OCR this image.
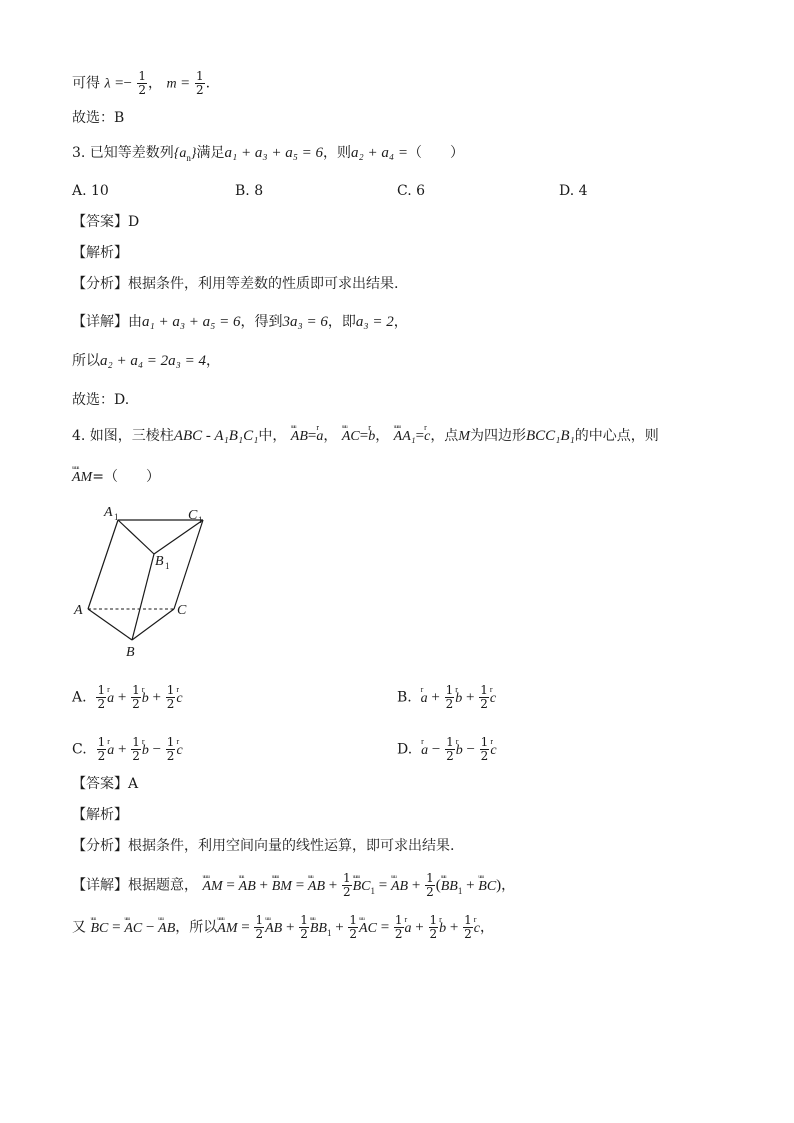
可得 $\lambda =- \frac{1}{2}$ ， $m = \frac{1}{2}$ .
故选：B
3. 已知等差数列$\{a_n\}$满足a₁ + a₃ + a₅ = 6，则a₂ + a₄ =（　　）
A. 10	B. 8	C. 6	D. 4
【答案】D
【解析】
【分析】根据条件，利用等差数的性质即可求出结果.
【详解】由a₁ + a₃ + a₅ = 6，得到3a₃ = 6，即a₃ = 2，
所以a₂ + a₄ = 2a₃ = 4，
故选：D.
4. 如图，三棱柱ABC - A₁B₁C₁中， ᵘᵘᵘ AB=r a， ᵘᵘᵘ AC=r b， ᵘᵘᵘᵘ AA₁=r c，点M为四边形BCC₁B₁的中心点，则
ᵘᵘᵘᵘ AM=（　　）
A 1	C 1
B 1
A	C
B
A. $\frac{1}{2}$ r $a + \frac{1}{2}$ r $b + \frac{1}{2}$ r c	B. r $a + \frac{1}{2}$ r $b + \frac{1}{2}$ r c
C. $\frac{1}{2}$ r $a + \frac{1}{2}$ r $b - \frac{1}{2}$ r c	D. r $a - \frac{1}{2}$ r $b - \frac{1}{2}$ r c
【答案】A
【解析】
【分析】根据条件，利用空间向量的线性运算，即可求出结果.
【详解】根据题意， ᵘᵘᵘᵘ AM = ᵘᵘᵘ AB + ᵘᵘᵘᵘ BM = ᵘᵘᵘ AB + $\frac{1}{2}$ ᵘᵘᵘᵘ $BC_1$ = ᵘᵘᵘ AB + $\frac{1}{2}$ (ᵘᵘᵘ $BB_1$ + ᵘᵘᵘ BC)，
又 ᵘᵘᵘ BC = ᵘᵘᵘ AC − ᵘᵘᵘ AB，所以ᵘᵘᵘᵘ AM = $\frac{1}{2}$ ᵘᵘᵘ AB + $\frac{1}{2}$ ᵘᵘᵘ $BB_1 + \frac{1}{2}$ ᵘᵘᵘ AC = $\frac{1}{2}$ r $a + \frac{1}{2}$ r $b + \frac{1}{2}$ r c，
